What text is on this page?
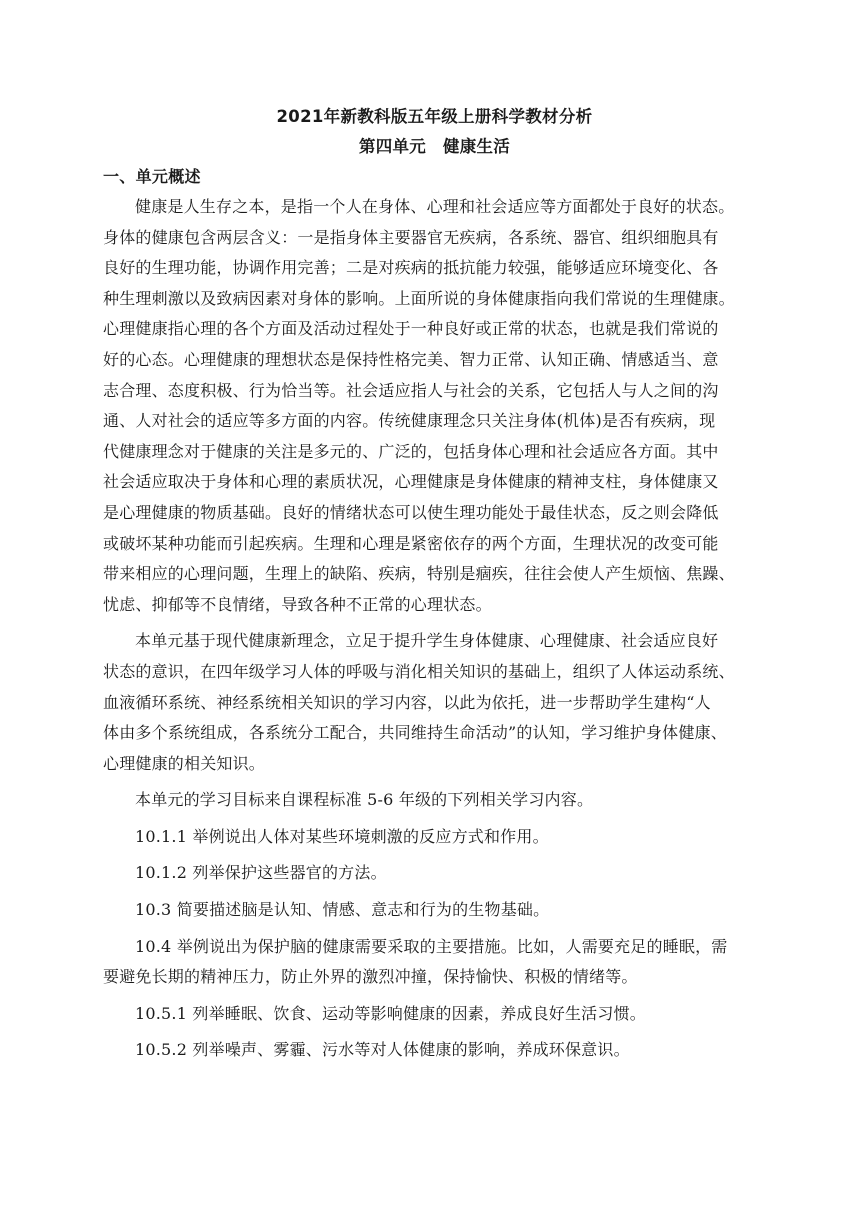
2021年新教科版五年级上册科学教材分析

第四单元　健康生活

一、单元概述

健康是人生存之本，是指一个人在身体、心理和社会适应等方面都处于良好的状态。
身体的健康包含两层含义：一是指身体主要器官无疾病，各系统、器官、组织细胞具有
良好的生理功能，协调作用完善；二是对疾病的抵抗能力较强，能够适应环境变化、各
种生理刺激以及致病因素对身体的影响。上面所说的身体健康指向我们常说的生理健康。
心理健康指心理的各个方面及活动过程处于一种良好或正常的状态，也就是我们常说的
好的心态。心理健康的理想状态是保持性格完美、智力正常、认知正确、情感适当、意
志合理、态度积极、行为恰当等。社会适应指人与社会的关系，它包括人与人之间的沟
通、人对社会的适应等多方面的内容。传统健康理念只关注身体(机体)是否有疾病，现
代健康理念对于健康的关注是多元的、广泛的，包括身体心理和社会适应各方面。其中
社会适应取决于身体和心理的素质状况，心理健康是身体健康的精神支柱，身体健康又
是心理健康的物质基础。良好的情绪状态可以使生理功能处于最佳状态，反之则会降低
或破坏某种功能而引起疾病。生理和心理是紧密依存的两个方面，生理状况的改变可能
带来相应的心理问题，生理上的缺陷、疾病，特别是痼疾，往往会使人产生烦恼、焦躁、
忧虑、抑郁等不良情绪，导致各种不正常的心理状态。

本单元基于现代健康新理念，立足于提升学生身体健康、心理健康、社会适应良好
状态的意识，在四年级学习人体的呼吸与消化相关知识的基础上，组织了人体运动系统、
血液循环系统、神经系统相关知识的学习内容，以此为依托，进一步帮助学生建构“人
体由多个系统组成，各系统分工配合，共同维持生命活动”的认知，学习维护身体健康、
心理健康的相关知识。

本单元的学习目标来自课程标准 5-6 年级的下列相关学习内容。

10.1.1 举例说出人体对某些环境刺激的反应方式和作用。

10.1.2 列举保护这些器官的方法。

10.3 简要描述脑是认知、情感、意志和行为的生物基础。

10.4 举例说出为保护脑的健康需要采取的主要措施。比如，人需要充足的睡眠，需
要避免长期的精神压力，防止外界的激烈冲撞，保持愉快、积极的情绪等。

10.5.1 列举睡眠、饮食、运动等影响健康的因素，养成良好生活习惯。

10.5.2 列举噪声、雾霾、污水等对人体健康的影响，养成环保意识。
